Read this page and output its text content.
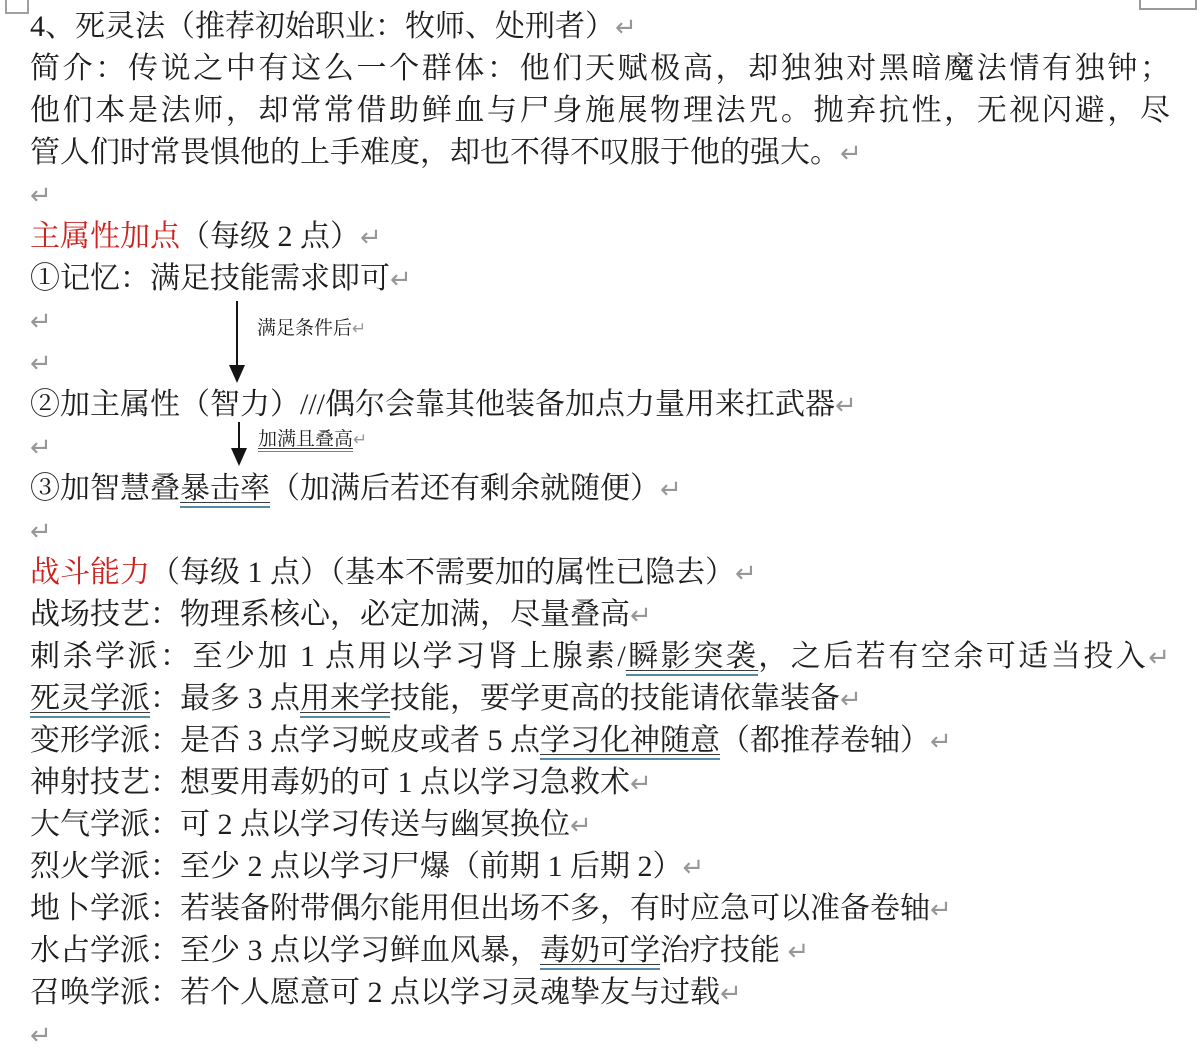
4、死灵法（推荐初始职业：牧师、处刑者）↵
简介：传说之中有这么一个群体：他们天赋极高，却独独对黑暗魔法情有独钟；
他们本是法师，却常常借助鲜血与尸身施展物理法咒。抛弃抗性，无视闪避，尽
管人们时常畏惧他的上手难度，却也不得不叹服于他的强大。↵
↵
主属性加点（每级 2 点）↵
①记忆：满足技能需求即可↵
↵
↵
②加主属性（智力）///偶尔会靠其他装备加点力量用来扛武器↵
↵
③加智慧叠暴击率（加满后若还有剩余就随便）↵
↵
战斗能力（每级 1 点）（基本不需要加的属性已隐去）↵
战场技艺：物理系核心，必定加满，尽量叠高↵
刺杀学派：至少加 1 点用以学习肾上腺素/瞬影突袭，之后若有空余可适当投入↵
死灵学派：最多 3 点用来学技能，要学更高的技能请依靠装备↵
变形学派：是否 3 点学习蜕皮或者 5 点学习化神随意（都推荐卷轴）↵
神射技艺：想要用毒奶的可 1 点以学习急救术↵
大气学派：可 2 点以学习传送与幽冥换位↵
烈火学派：至少 2 点以学习尸爆（前期 1 后期 2）↵
地卜学派：若装备附带偶尔能用但出场不多，有时应急可以准备卷轴↵
水占学派：至少 3 点以学习鲜血风暴，毒奶可学治疗技能 ↵
召唤学派：若个人愿意可 2 点以学习灵魂挚友与过载↵
↵
满足条件后↵
加满且叠高↵
